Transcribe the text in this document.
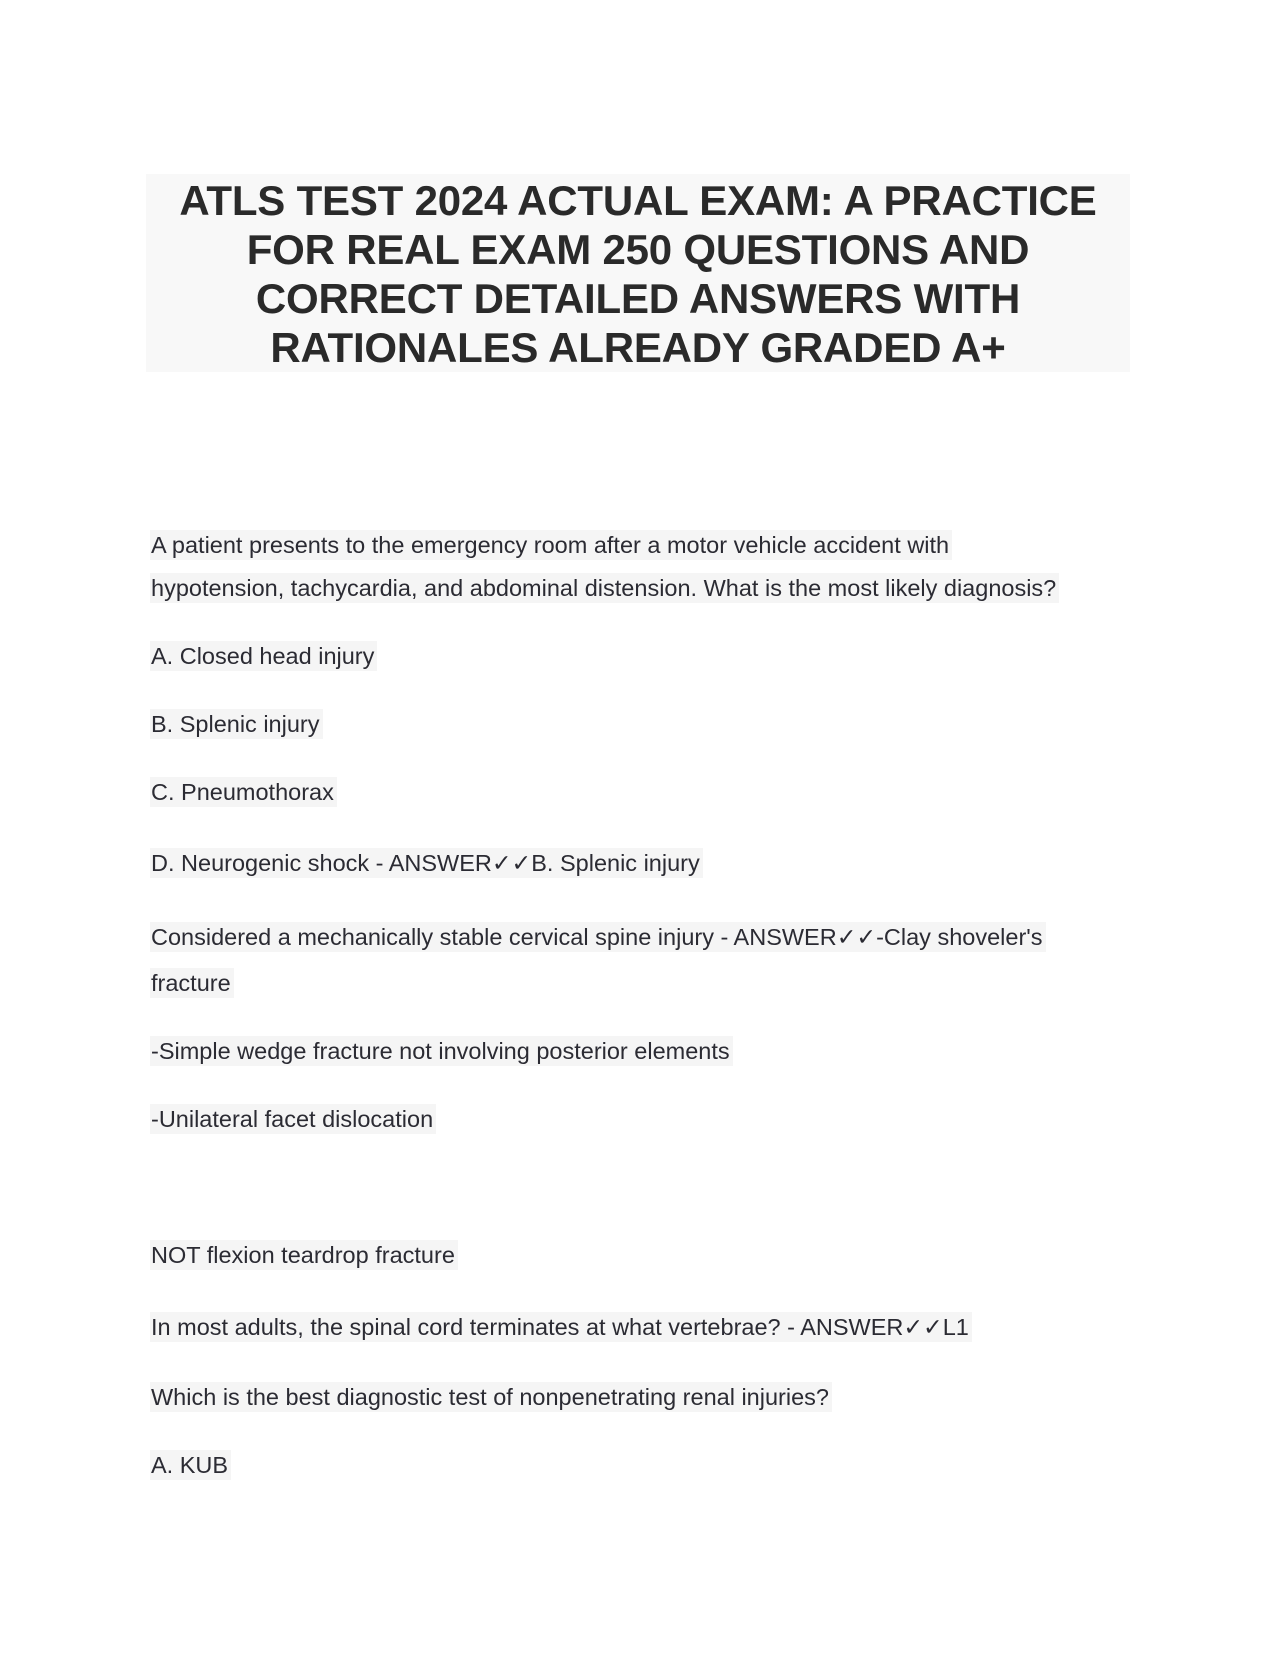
ATLS TEST 2024 ACTUAL EXAM: A PRACTICE FOR REAL EXAM 250 QUESTIONS AND CORRECT DETAILED ANSWERS WITH RATIONALES ALREADY GRADED A+
A patient presents to the emergency room after a motor vehicle accident with
hypotension, tachycardia, and abdominal distension. What is the most likely diagnosis?
A. Closed head injury
B. Splenic injury
C. Pneumothorax
D. Neurogenic shock - ANSWER✓✓B. Splenic injury
Considered a mechanically stable cervical spine injury - ANSWER✓✓-Clay shoveler's
fracture
-Simple wedge fracture not involving posterior elements
-Unilateral facet dislocation
NOT flexion teardrop fracture
In most adults, the spinal cord terminates at what vertebrae? - ANSWER✓✓L1
Which is the best diagnostic test of nonpenetrating renal injuries?
A. KUB
